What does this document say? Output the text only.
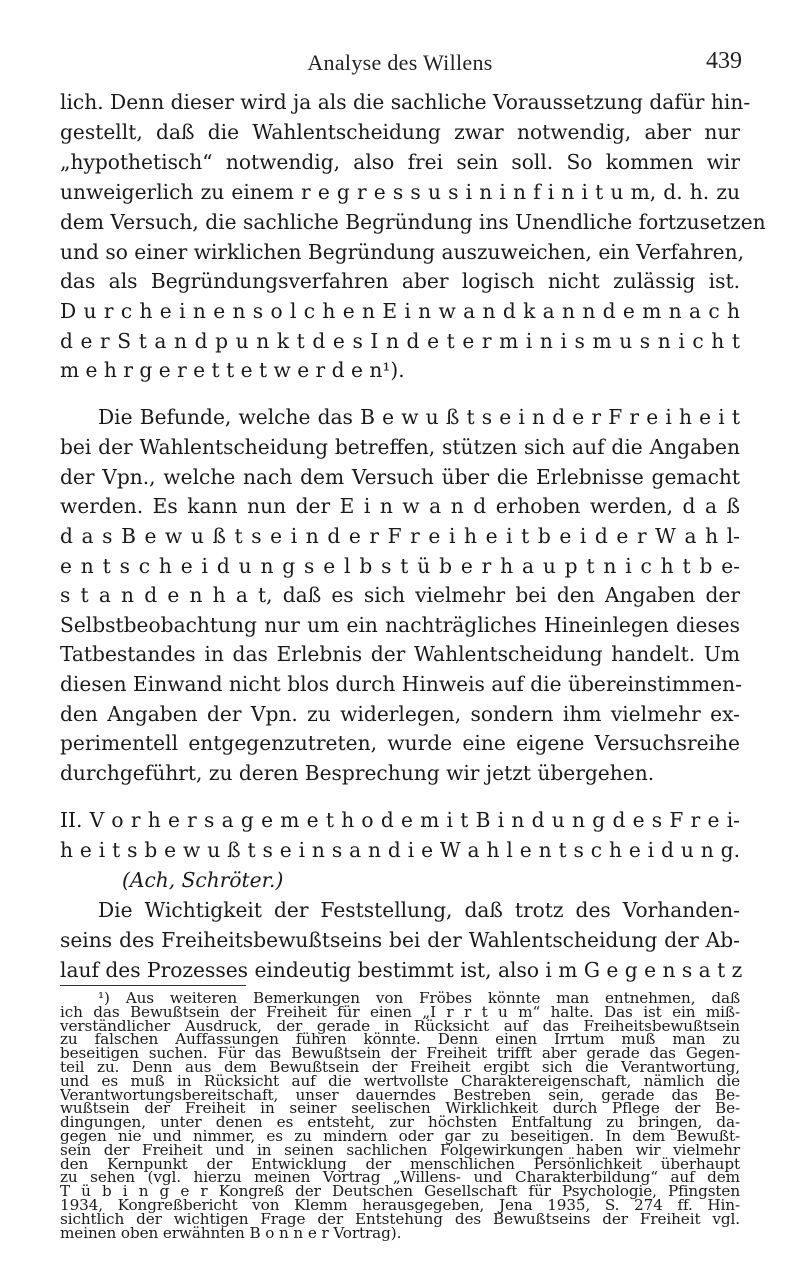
Analyse des Willens	439
lich. Denn dieser wird ja als die sachliche Voraussetzung dafür hin-
gestellt, daß die Wahlentscheidung zwar notwendig, aber nur
„hypothetisch“ notwendig, also frei sein soll. So kommen wir
unweigerlich zu einem r e g r e s s u s i n i n f i n i t u m, d. h. zu
dem Versuch, die sachliche Begründung ins Unendliche fortzusetzen
und so einer wirklichen Begründung auszuweichen, ein Verfahren,
das als Begründungsverfahren aber logisch nicht zulässig ist.
D u r c h e i n e n s o l c h e n E i n w a n d k a n n d e m n a c h
d e r S t a n d p u n k t d e s I n d e t e r m i n i s m u s n i c h t
m e h r g e r e t t e t w e r d e n¹).
Die Befunde, welche das B e w u ß t s e i n d e r F r e i h e i t
bei der Wahlentscheidung betreffen, stützen sich auf die Angaben
der Vpn., welche nach dem Versuch über die Erlebnisse gemacht
werden. Es kann nun der E i n w a n d erhoben werden, d a ß
d a s B e w u ß t s e i n d e r F r e i h e i t b e i d e r W a h l-
e n t s c h e i d u n g s e l b s t ü b e r h a u p t n i c h t b e-
s t a n d e n h a t, daß es sich vielmehr bei den Angaben der
Selbstbeobachtung nur um ein nachträgliches Hineinlegen dieses
Tatbestandes in das Erlebnis der Wahlentscheidung handelt. Um
diesen Einwand nicht blos durch Hinweis auf die übereinstimmen-
den Angaben der Vpn. zu widerlegen, sondern ihm vielmehr ex-
perimentell entgegenzutreten, wurde eine eigene Versuchsreihe
durchgeführt, zu deren Besprechung wir jetzt übergehen.
II. V o r h e r s a g e m e t h o d e m i t B i n d u n g d e s F r e i-
h e i t s b e w u ß t s e i n s a n d i e W a h l e n t s c h e i d u n g.
(Ach, Schröter.)
Die Wichtigkeit der Feststellung, daß trotz des Vorhanden-
seins des Freiheitsbewußtseins bei der Wahlentscheidung der Ab-
lauf des Prozesses eindeutig bestimmt ist, also i m G e g e n s a t z
¹) Aus weiteren Bemerkungen von Fröbes könnte man entnehmen, daß
ich das Bewußtsein der Freiheit für einen „I r r t u m“ halte. Das ist ein miß-
verständlicher Ausdruck, der gerade in Rücksicht auf das Freiheitsbewußtsein
zu falschen Auffassungen führen könnte. Denn einen Irrtum muß man zu
beseitigen suchen. Für das Bewußtsein der Freiheit trifft aber gerade das Gegen-
teil zu. Denn aus dem Bewußtsein der Freiheit ergibt sich die Verantwortung,
und es muß in Rücksicht auf die wertvollste Charaktereigenschaft, nämlich die
Verantwortungsbereitschaft, unser dauerndes Bestreben sein, gerade das Be-
wußtsein der Freiheit in seiner seelischen Wirklichkeit durch Pflege der Be-
dingungen, unter denen es entsteht, zur höchsten Entfaltung zu bringen, da-
gegen nie und nimmer, es zu mindern oder gar zu beseitigen. In dem Bewußt-
sein der Freiheit und in seinen sachlichen Folgewirkungen haben wir vielmehr
den Kernpunkt der Entwicklung der menschlichen Persönlichkeit überhaupt
zu sehen (vgl. hierzu meinen Vortrag „Willens- und Charakterbildung“ auf dem
T ü b i n g e r Kongreß der Deutschen Gesellschaft für Psychologie, Pfingsten
1934, Kongreßbericht von Klemm herausgegeben, Jena 1935, S. 274 ff. Hin-
sichtlich der wichtigen Frage der Entstehung des Bewußtseins der Freiheit vgl.
meinen oben erwähnten B o n n e r Vortrag).
